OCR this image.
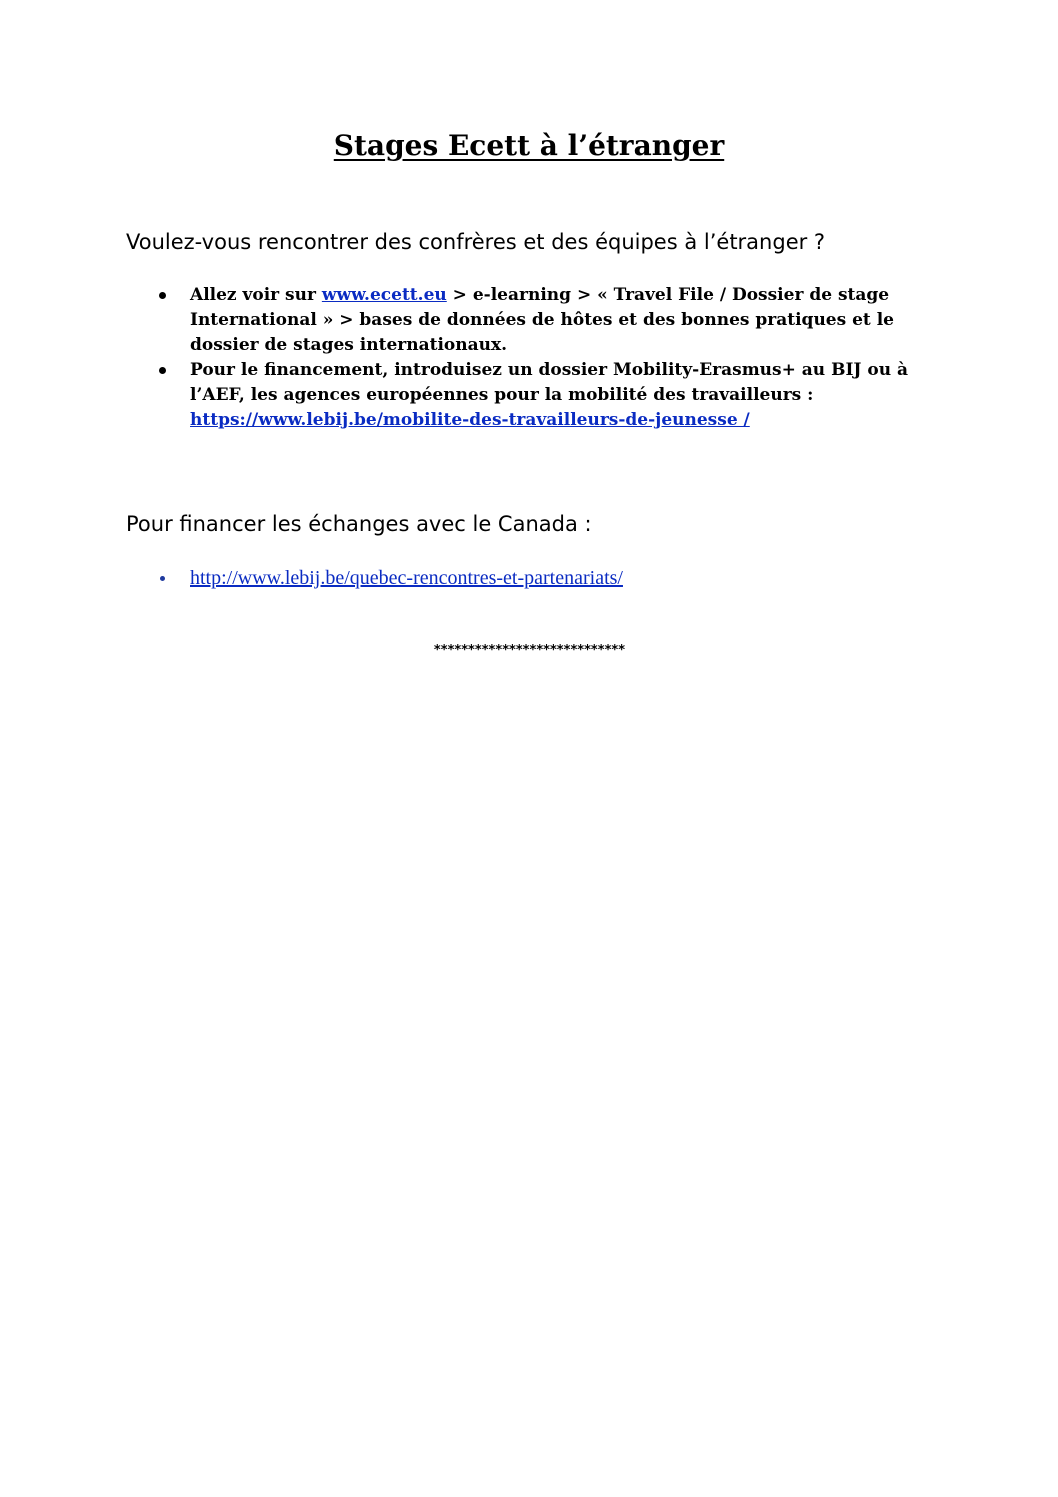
Stages Ecett à l’étranger

Voulez-vous rencontrer des confrères et des équipes à l’étranger ?

Allez voir sur www.ecett.eu > e-learning > « Travel File / Dossier de stage International » > bases de données de hôtes et des bonnes pratiques et le dossier de stages internationaux.
Pour le financement, introduisez un dossier Mobility-Erasmus+ au BIJ ou à l’AEF, les agences européennes pour la mobilité des travailleurs :
https://www.lebij.be/mobilite-des-travailleurs-de-jeunesse /

Pour financer les échanges avec le Canada :

http://www.lebij.be/quebec-rencontres-et-partenariats/

****************************
